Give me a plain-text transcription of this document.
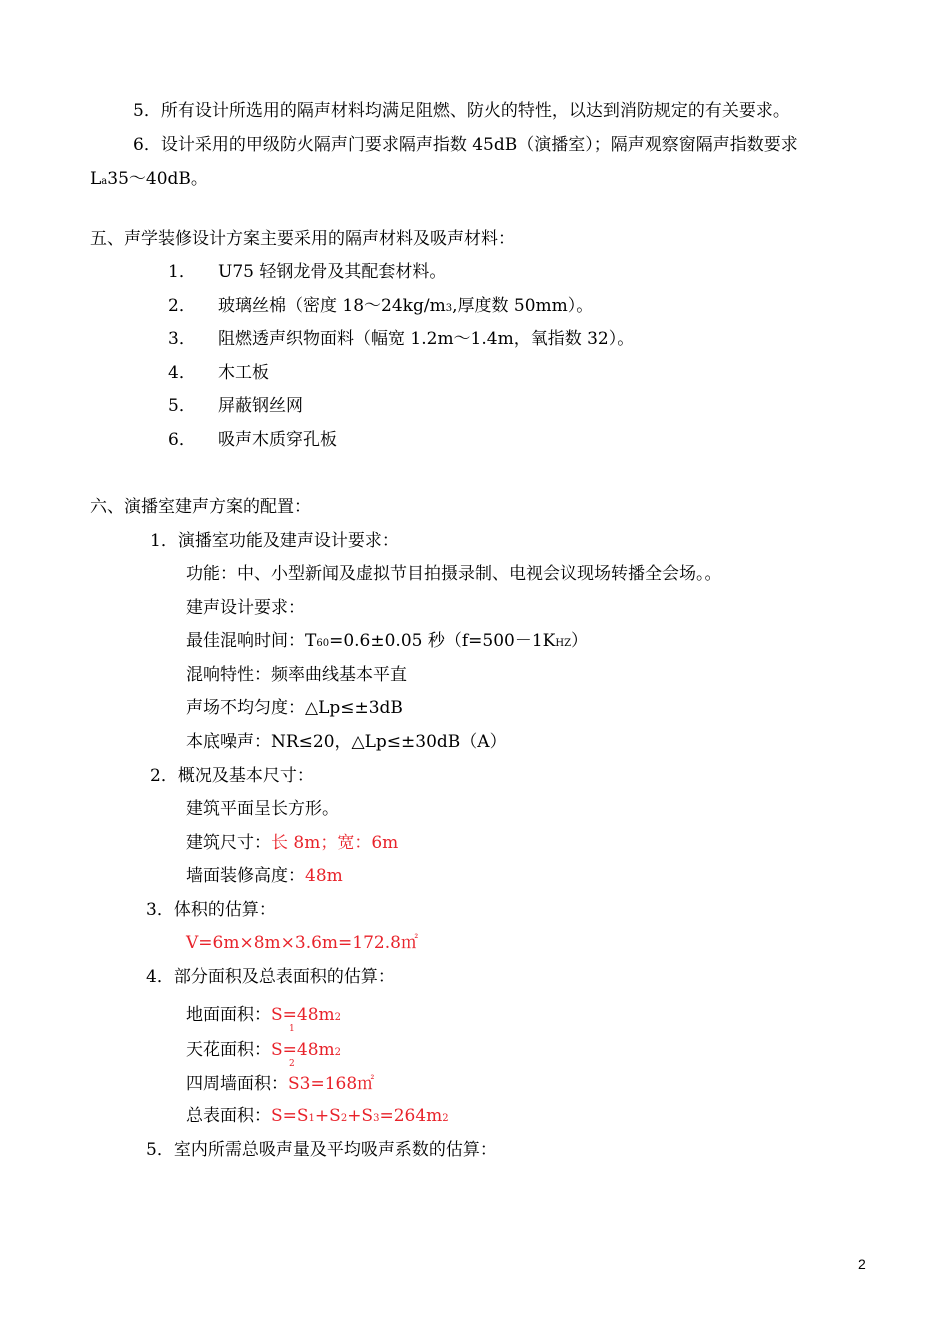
5．所有设计所选用的隔声材料均满足阻燃、防火的特性，以达到消防规定的有关要求。
6．设计采用的甲级防火隔声门要求隔声指数 45dB（演播室）；隔声观察窗隔声指数要求
La35～40dB。
五、声学装修设计方案主要采用的隔声材料及吸声材料：
1． U75 轻钢龙骨及其配套材料。
2． 玻璃丝棉（密度 18～24kg/m3,厚度数 50mm）。
3． 阻燃透声织物面料（幅宽 1.2m～1.4m，氧指数 32）。
4． 木工板
5． 屏蔽钢丝网
6． 吸声木质穿孔板
六、演播室建声方案的配置：
1．演播室功能及建声设计要求：
功能：中、小型新闻及虚拟节目拍摄录制、电视会议现场转播全会场。。
建声设计要求：
最佳混响时间：T60=0.6±0.05 秒（f=500－1KHZ）
混响特性：频率曲线基本平直
声场不均匀度：△Lp≤±3dB
本底噪声：NR≤20，△Lp≤±30dB（A）
2．概况及基本尺寸：
建筑平面呈长方形。
建筑尺寸：长 8m；宽：6m
墙面装修高度：48m
3．体积的估算：
V=6m×8m×3.6m=172.8㎡
4．部分面积及总表面积的估算：
地面面积：S=48m2
1
天花面积：S=48m2
2
四周墙面积：S3=168㎡
总表面积：S=S1+S2+S3=264m2
5．室内所需总吸声量及平均吸声系数的估算：
2
